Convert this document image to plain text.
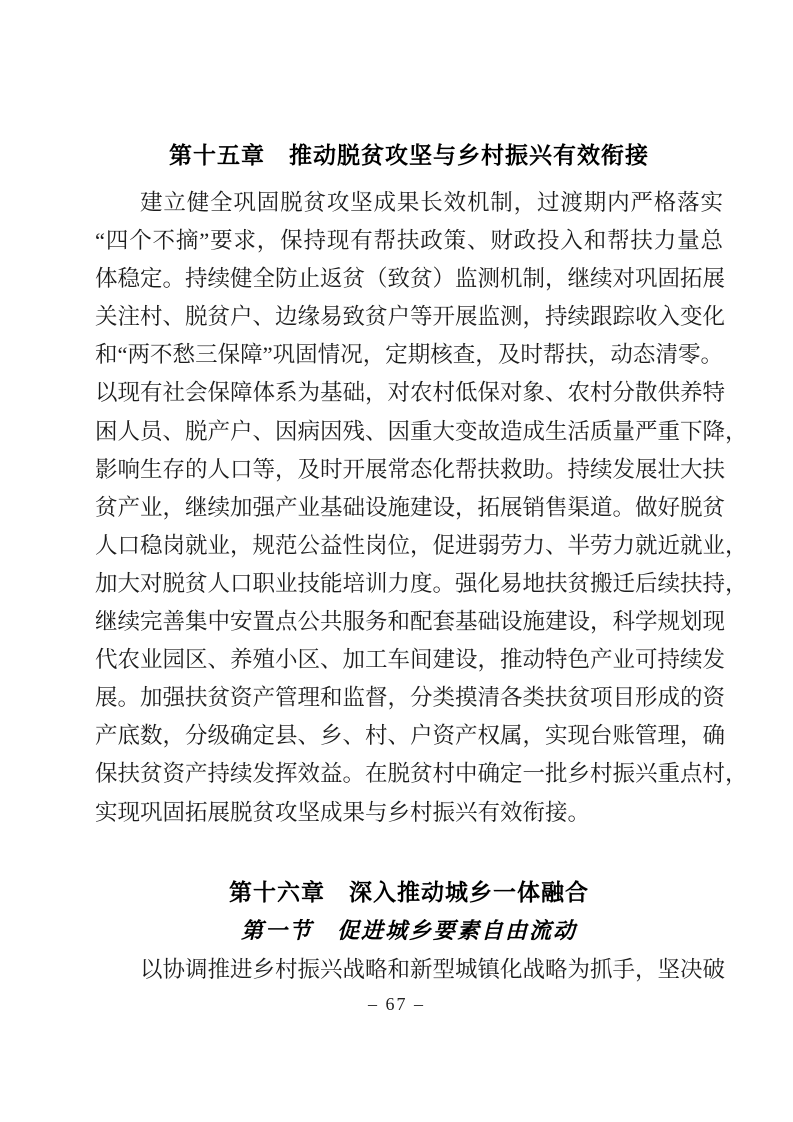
第十五章　推动脱贫攻坚与乡村振兴有效衔接
建立健全巩固脱贫攻坚成果长效机制，过渡期内严格落实
“四个不摘”要求，保持现有帮扶政策、财政投入和帮扶力量总
体稳定。持续健全防止返贫（致贫）监测机制，继续对巩固拓展
关注村、脱贫户、边缘易致贫户等开展监测，持续跟踪收入变化
和“两不愁三保障”巩固情况，定期核查，及时帮扶，动态清零。
以现有社会保障体系为基础，对农村低保对象、农村分散供养特
困人员、脱产户、因病因残、因重大变故造成生活质量严重下降，
影响生存的人口等，及时开展常态化帮扶救助。持续发展壮大扶
贫产业，继续加强产业基础设施建设，拓展销售渠道。做好脱贫
人口稳岗就业，规范公益性岗位，促进弱劳力、半劳力就近就业，
加大对脱贫人口职业技能培训力度。强化易地扶贫搬迁后续扶持，
继续完善集中安置点公共服务和配套基础设施建设，科学规划现
代农业园区、养殖小区、加工车间建设，推动特色产业可持续发
展。加强扶贫资产管理和监督，分类摸清各类扶贫项目形成的资
产底数，分级确定县、乡、村、户资产权属，实现台账管理，确
保扶贫资产持续发挥效益。在脱贫村中确定一批乡村振兴重点村，
实现巩固拓展脱贫攻坚成果与乡村振兴有效衔接。
第十六章　深入推动城乡一体融合
第一节　促进城乡要素自由流动
以协调推进乡村振兴战略和新型城镇化战略为抓手，坚决破
– 67 –
